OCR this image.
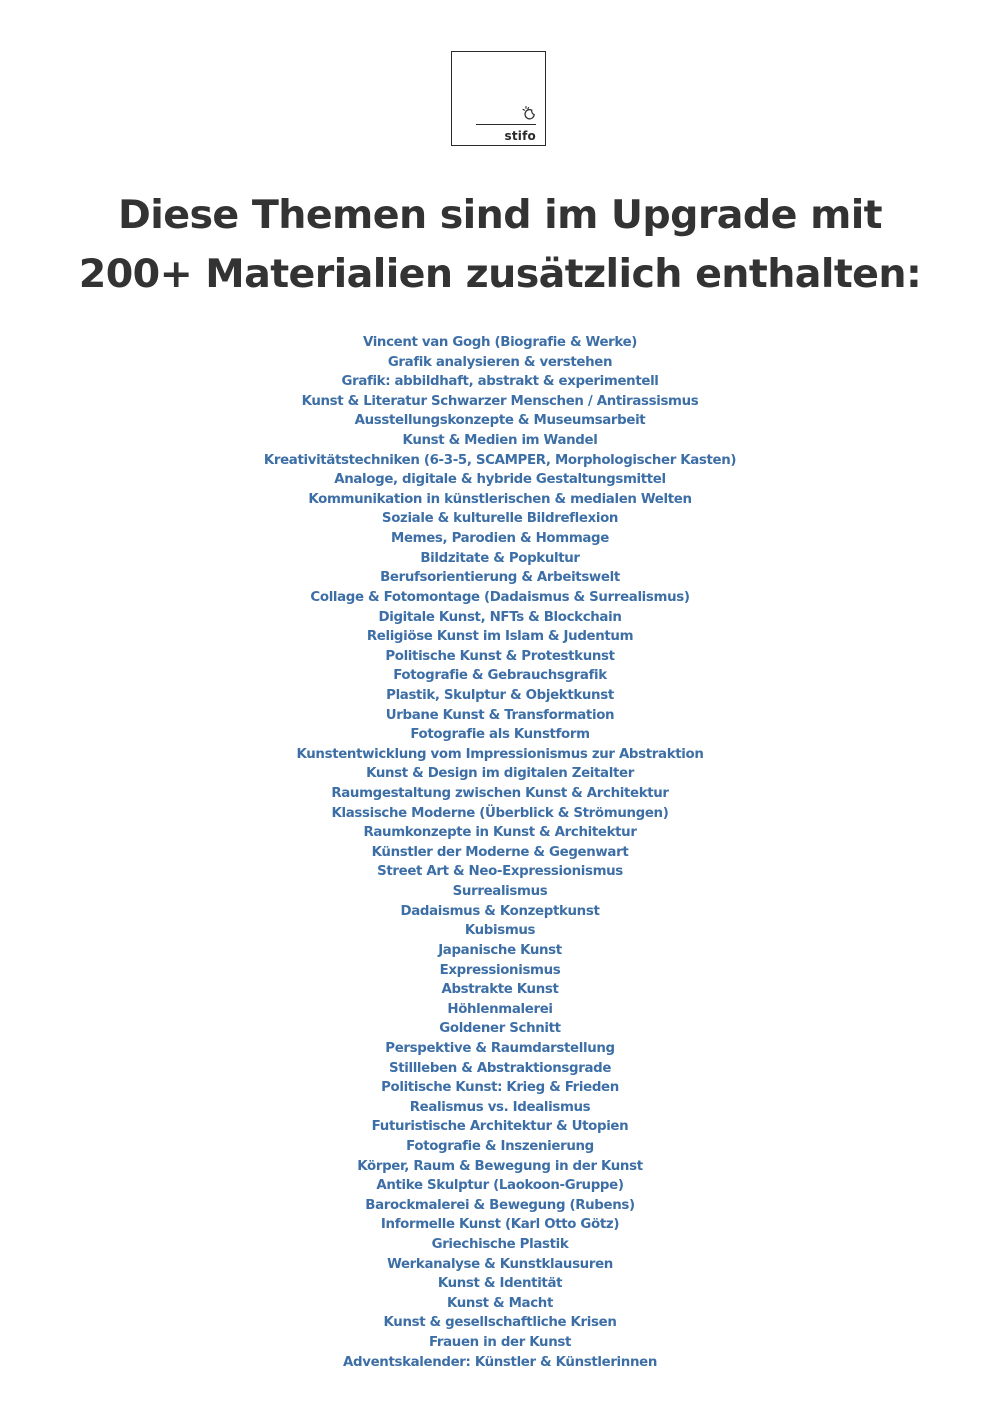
stifo
Diese Themen sind im Upgrade mit
200+ Materialien zusätzlich enthalten:
Vincent van Gogh (Biografie & Werke)
Grafik analysieren & verstehen
Grafik: abbildhaft, abstrakt & experimentell
Kunst & Literatur Schwarzer Menschen / Antirassismus
Ausstellungskonzepte & Museumsarbeit
Kunst & Medien im Wandel
Kreativitätstechniken (6-3-5, SCAMPER, Morphologischer Kasten)
Analoge, digitale & hybride Gestaltungsmittel
Kommunikation in künstlerischen & medialen Welten
Soziale & kulturelle Bildreflexion
Memes, Parodien & Hommage
Bildzitate & Popkultur
Berufsorientierung & Arbeitswelt
Collage & Fotomontage (Dadaismus & Surrealismus)
Digitale Kunst, NFTs & Blockchain
Religiöse Kunst im Islam & Judentum
Politische Kunst & Protestkunst
Fotografie & Gebrauchsgrafik
Plastik, Skulptur & Objektkunst
Urbane Kunst & Transformation
Fotografie als Kunstform
Kunstentwicklung vom Impressionismus zur Abstraktion
Kunst & Design im digitalen Zeitalter
Raumgestaltung zwischen Kunst & Architektur
Klassische Moderne (Überblick & Strömungen)
Raumkonzepte in Kunst & Architektur
Künstler der Moderne & Gegenwart
Street Art & Neo-Expressionismus
Surrealismus
Dadaismus & Konzeptkunst
Kubismus
Japanische Kunst
Expressionismus
Abstrakte Kunst
Höhlenmalerei
Goldener Schnitt
Perspektive & Raumdarstellung
Stillleben & Abstraktionsgrade
Politische Kunst: Krieg & Frieden
Realismus vs. Idealismus
Futuristische Architektur & Utopien
Fotografie & Inszenierung
Körper, Raum & Bewegung in der Kunst
Antike Skulptur (Laokoon-Gruppe)
Barockmalerei & Bewegung (Rubens)
Informelle Kunst (Karl Otto Götz)
Griechische Plastik
Werkanalyse & Kunstklausuren
Kunst & Identität
Kunst & Macht
Kunst & gesellschaftliche Krisen
Frauen in der Kunst
Adventskalender: Künstler & Künstlerinnen
